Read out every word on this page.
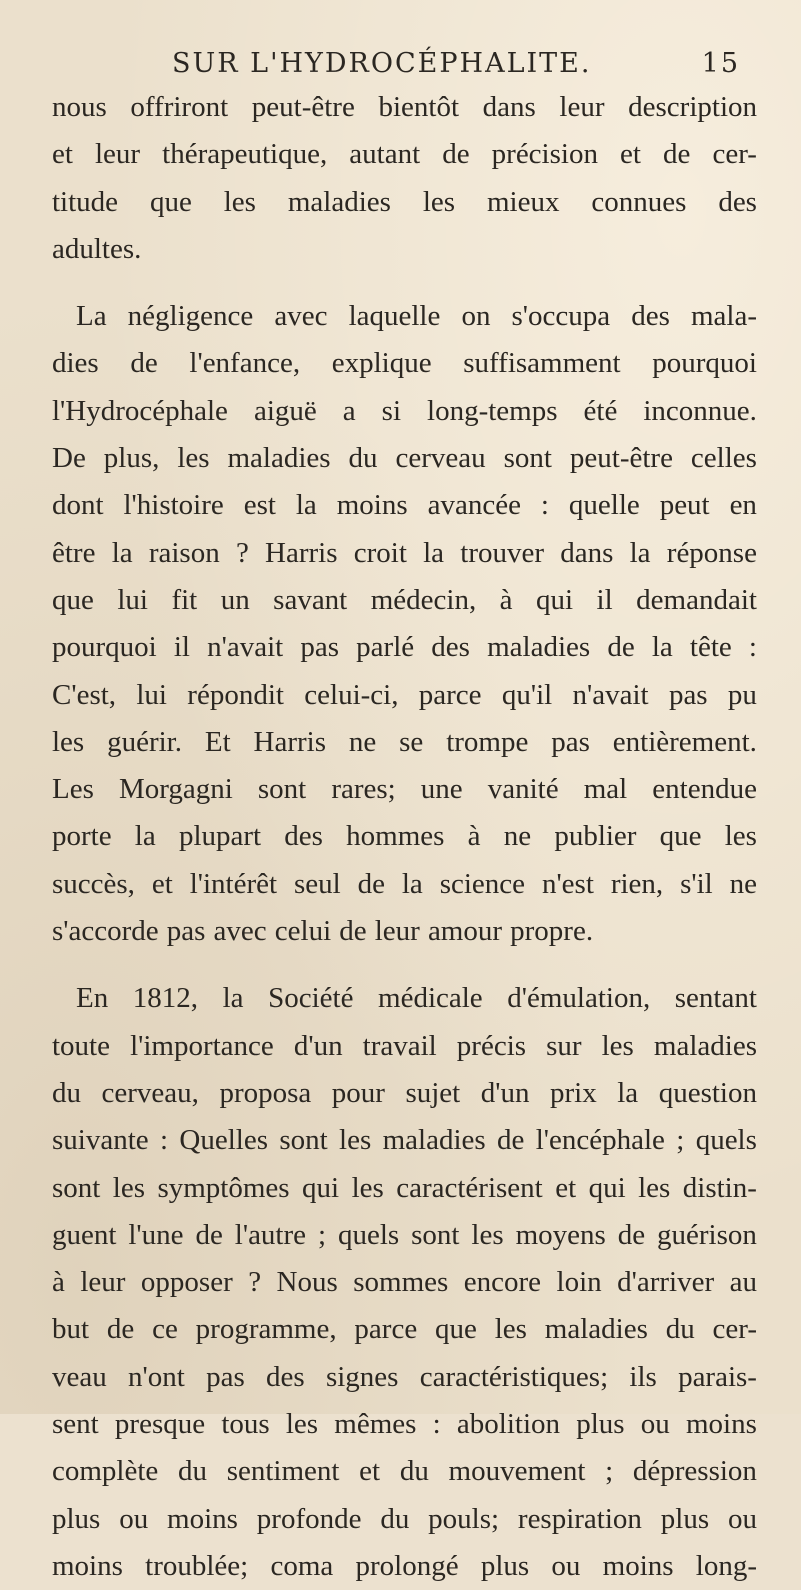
SUR L'HYDROCÉPHALITE.	15
nous offriront peut-être bientôt dans leur description
et leur thérapeutique, autant de précision et de cer-
titude que les maladies les mieux connues des
adultes.
La négligence avec laquelle on s'occupa des mala-
dies de l'enfance, explique suffisamment pourquoi
l'Hydrocéphale aiguë a si long-temps été inconnue.
De plus, les maladies du cerveau sont peut-être celles
dont l'histoire est la moins avancée : quelle peut en
être la raison ? Harris croit la trouver dans la réponse
que lui fit un savant médecin, à qui il demandait
pourquoi il n'avait pas parlé des maladies de la tête :
C'est, lui répondit celui-ci, parce qu'il n'avait pas pu
les guérir. Et Harris ne se trompe pas entièrement.
Les Morgagni sont rares; une vanité mal entendue
porte la plupart des hommes à ne publier que les
succès, et l'intérêt seul de la science n'est rien, s'il ne
s'accorde pas avec celui de leur amour propre.
En 1812, la Société médicale d'émulation, sentant
toute l'importance d'un travail précis sur les maladies
du cerveau, proposa pour sujet d'un prix la question
suivante : Quelles sont les maladies de l'encéphale ; quels
sont les symptômes qui les caractérisent et qui les distin-
guent l'une de l'autre ; quels sont les moyens de guérison
à leur opposer ? Nous sommes encore loin d'arriver au
but de ce programme, parce que les maladies du cer-
veau n'ont pas des signes caractéristiques; ils parais-
sent presque tous les mêmes : abolition plus ou moins
complète du sentiment et du mouvement ; dépression
plus ou moins profonde du pouls; respiration plus ou
moins troublée; coma prolongé plus ou moins long-
